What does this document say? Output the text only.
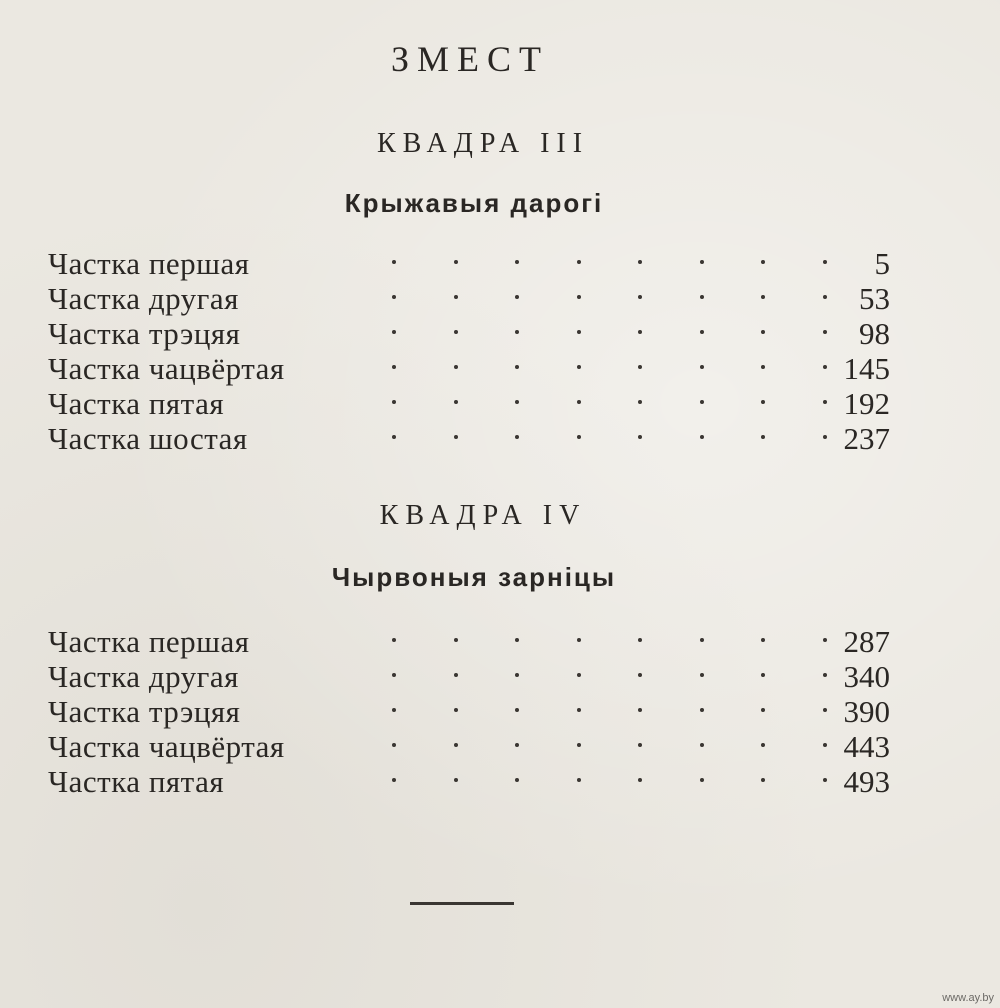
ЗМЕСТ
КВАДРА III
Крыжавыя дарогі
Частка першая	5
Частка другая	53
Частка трэцяя	98
Частка чацвёртая	145
Частка пятая	192
Частка шостая	237
КВАДРА IV
Чырвоныя зарніцы
Частка першая	287
Частка другая	340
Частка трэцяя	390
Частка чацвёртая	443
Частка пятая	493
www.ay.by
